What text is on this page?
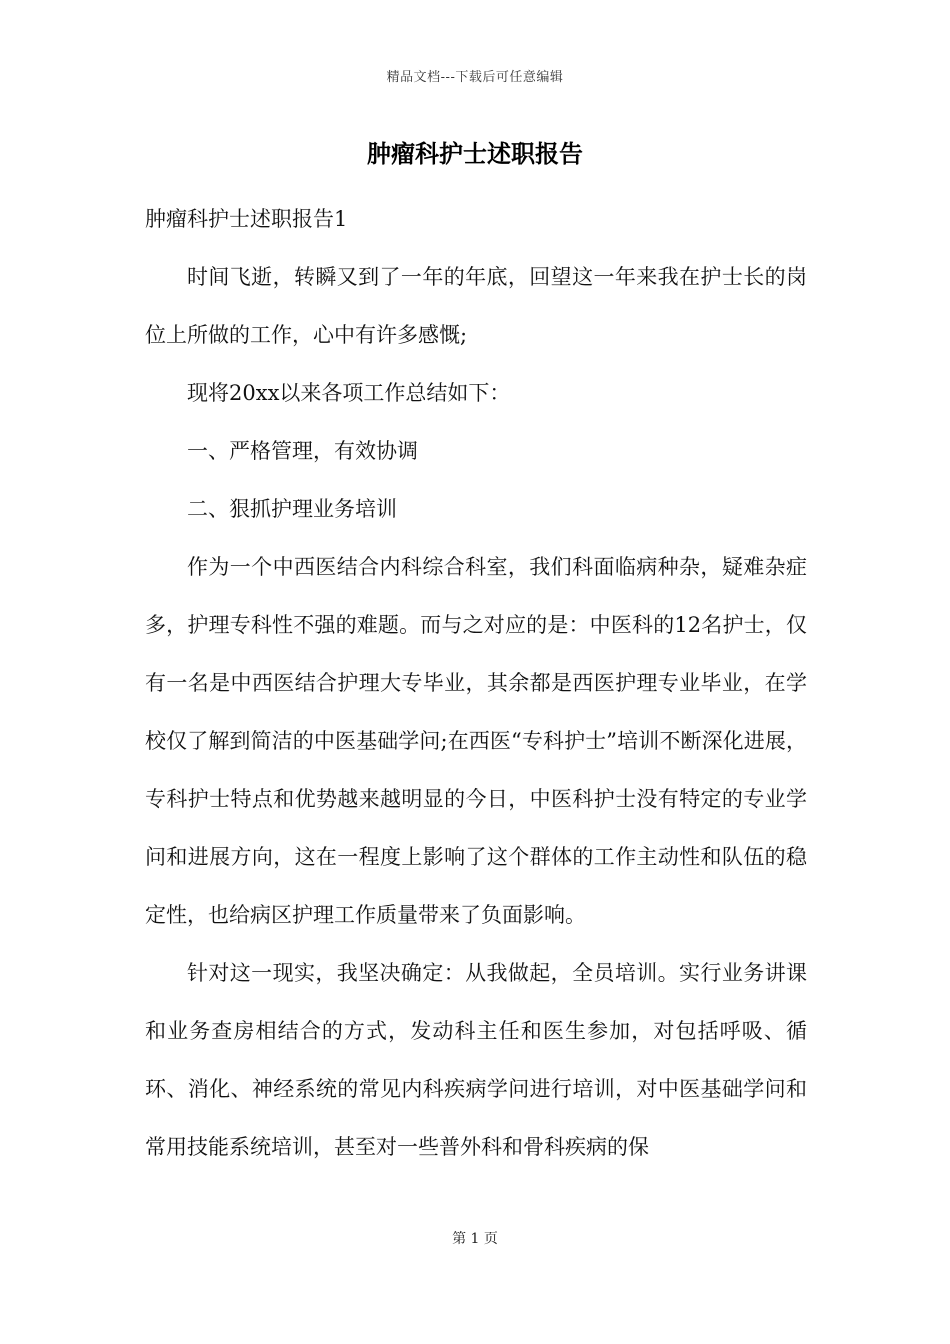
精品文档---下载后可任意编辑
肿瘤科护士述职报告

肿瘤科护士述职报告1

时间飞逝，转瞬又到了一年的年底，回望这一年来我在护士长的岗位上所做的工作，心中有许多感慨;

现将20xx以来各项工作总结如下：

一、严格管理，有效协调

二、狠抓护理业务培训

作为一个中西医结合内科综合科室，我们科面临病种杂，疑难杂症多，护理专科性不强的难题。而与之对应的是：中医科的12名护士，仅有一名是中西医结合护理大专毕业，其余都是西医护理专业毕业，在学校仅了解到简洁的中医基础学问;在西医“专科护士”培训不断深化进展，专科护士特点和优势越来越明显的今日，中医科护士没有特定的专业学问和进展方向，这在一程度上影响了这个群体的工作主动性和队伍的稳定性，也给病区护理工作质量带来了负面影响。

针对这一现实，我坚决确定：从我做起，全员培训。实行业务讲课和业务查房相结合的方式，发动科主任和医生参加，对包括呼吸、循环、消化、神经系统的常见内科疾病学问进行培训，对中医基础学问和常用技能系统培训，甚至对一些普外科和骨科疾病的保

第 1 页
